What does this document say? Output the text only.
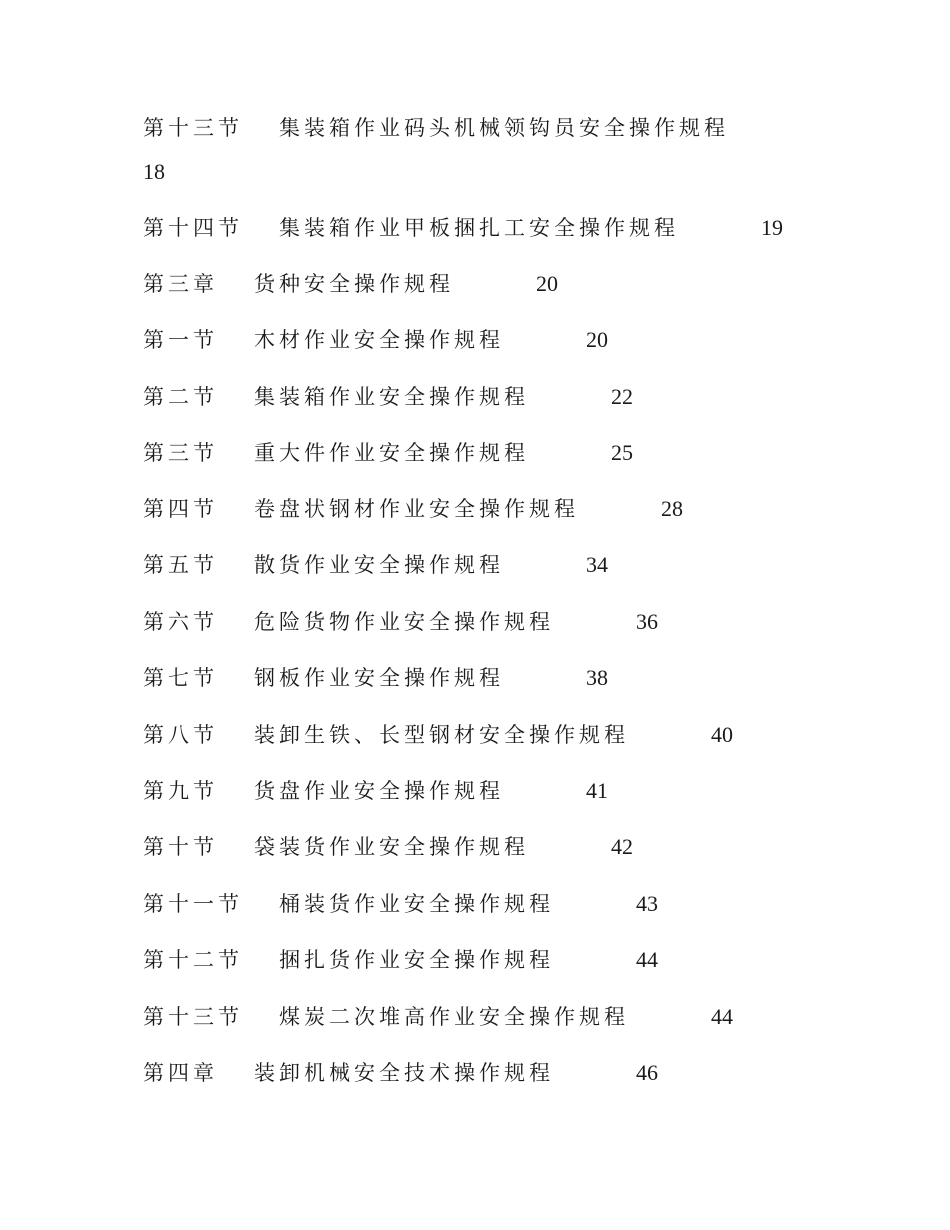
第十三节 集装箱作业码头机械领钩员安全操作规程
18
第十四节 集装箱作业甲板捆扎工安全操作规程	19
第三章 货种安全操作规程	20
第一节 木材作业安全操作规程	20
第二节 集装箱作业安全操作规程	22
第三节 重大件作业安全操作规程	25
第四节 卷盘状钢材作业安全操作规程	28
第五节 散货作业安全操作规程	34
第六节 危险货物作业安全操作规程	36
第七节 钢板作业安全操作规程	38
第八节 装卸生铁、长型钢材安全操作规程	40
第九节 货盘作业安全操作规程	41
第十节 袋装货作业安全操作规程	42
第十一节 桶装货作业安全操作规程	43
第十二节 捆扎货作业安全操作规程	44
第十三节 煤炭二次堆高作业安全操作规程	44
第四章 装卸机械安全技术操作规程	46
